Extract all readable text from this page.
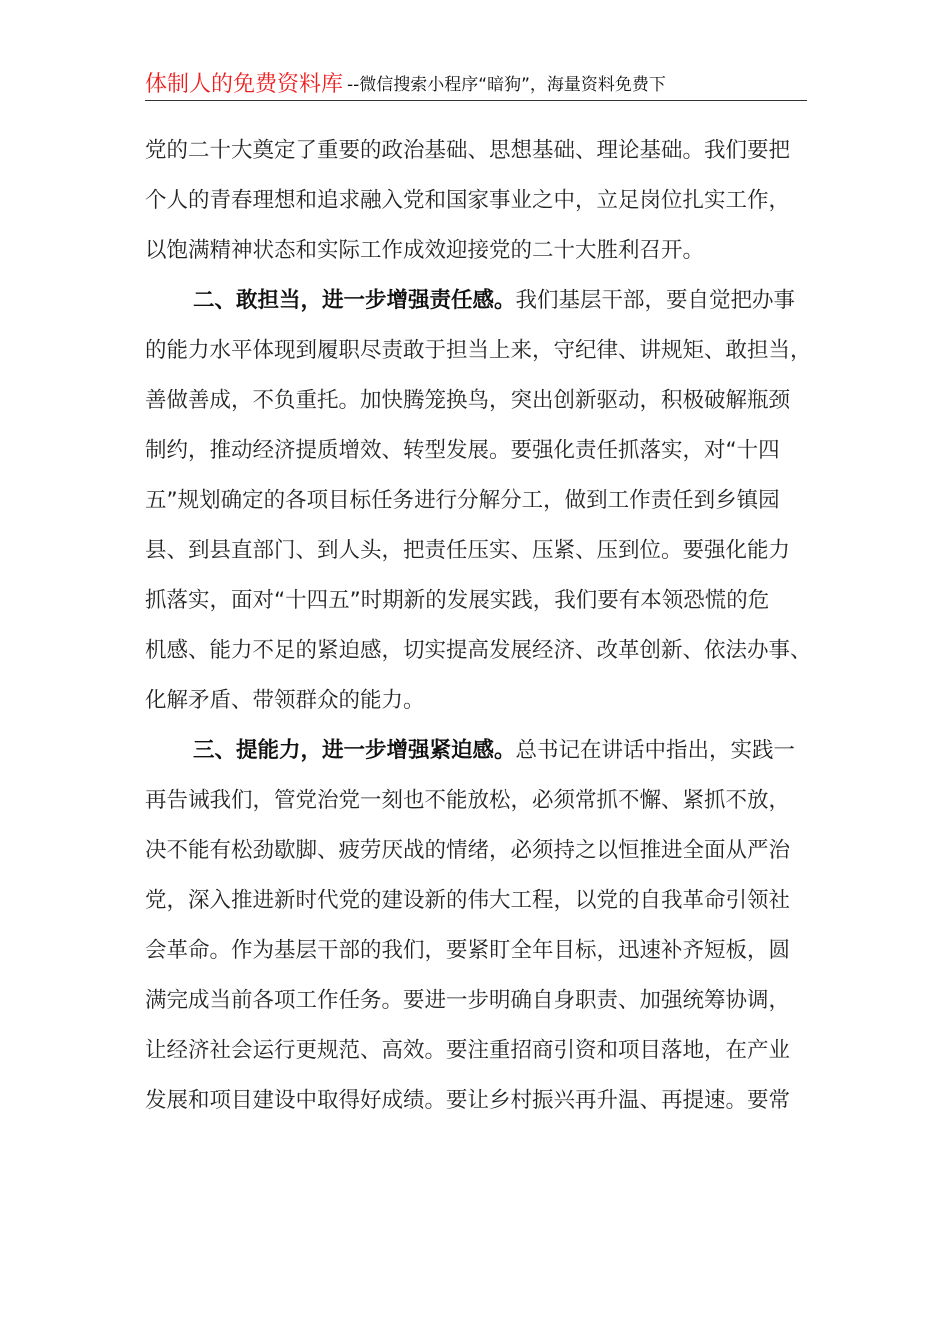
体制人的免费资料库 --微信搜索小程序“暗狗”，海量资料免费下
党的二十大奠定了重要的政治基础、思想基础、理论基础。我们要把
个人的青春理想和追求融入党和国家事业之中，立足岗位扎实工作，
以饱满精神状态和实际工作成效迎接党的二十大胜利召开。
二、敢担当，进一步增强责任感。我们基层干部，要自觉把办事
的能力水平体现到履职尽责敢于担当上来，守纪律、讲规矩、敢担当，
善做善成，不负重托。加快腾笼换鸟，突出创新驱动，积极破解瓶颈
制约，推动经济提质增效、转型发展。要强化责任抓落实，对“十四
五”规划确定的各项目标任务进行分解分工，做到工作责任到乡镇园
县、到县直部门、到人头，把责任压实、压紧、压到位。要强化能力
抓落实，面对“十四五”时期新的发展实践，我们要有本领恐慌的危
机感、能力不足的紧迫感，切实提高发展经济、改革创新、依法办事、
化解矛盾、带领群众的能力。
三、提能力，进一步增强紧迫感。总书记在讲话中指出，实践一
再告诫我们，管党治党一刻也不能放松，必须常抓不懈、紧抓不放，
决不能有松劲歇脚、疲劳厌战的情绪，必须持之以恒推进全面从严治
党，深入推进新时代党的建设新的伟大工程，以党的自我革命引领社
会革命。作为基层干部的我们，要紧盯全年目标，迅速补齐短板，圆
满完成当前各项工作任务。要进一步明确自身职责、加强统筹协调，
让经济社会运行更规范、高效。要注重招商引资和项目落地，在产业
发展和项目建设中取得好成绩。要让乡村振兴再升温、再提速。要常
